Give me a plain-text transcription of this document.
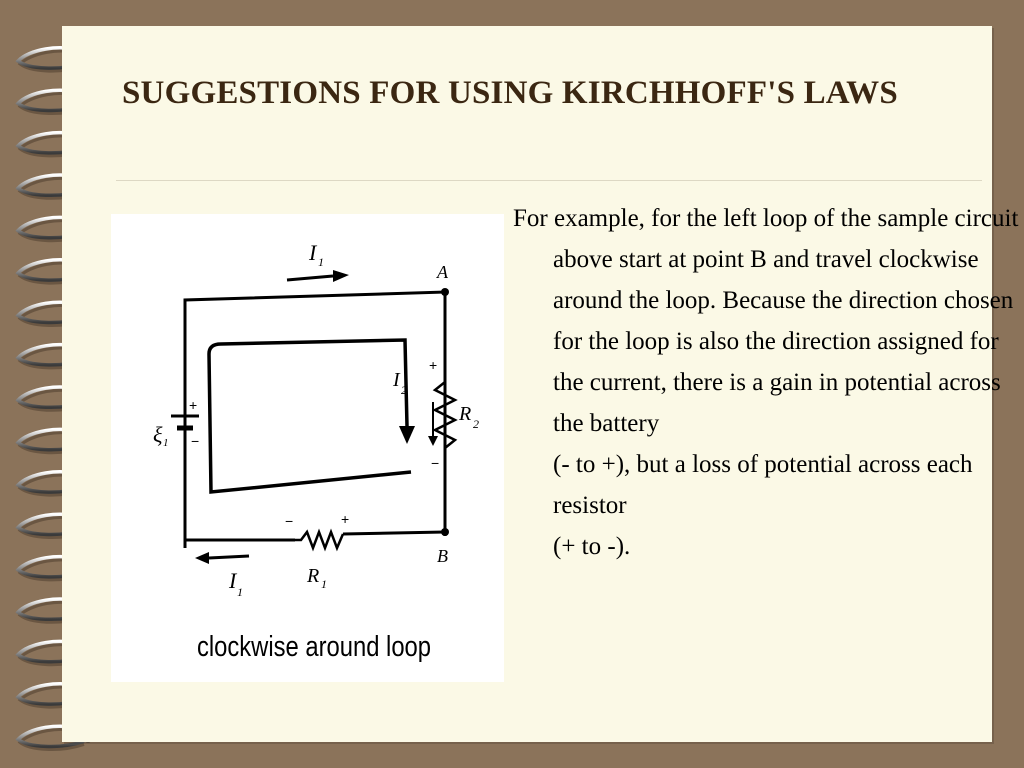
SUGGESTIONS FOR USING KIRCHHOFF'S LAWS
I 1	A
B
I 2
R 2
ξ 1
R 1
I 1
+
−
+
−
−	+
clockwise around loop
For example, for the left loop of the sample circuit above start at point B and travel clockwise around the loop. Because the direction chosen for the loop is also the direction assigned for the current, there is a gain in potential across the battery
(- to +), but a loss of potential across each resistor
(+ to -).
